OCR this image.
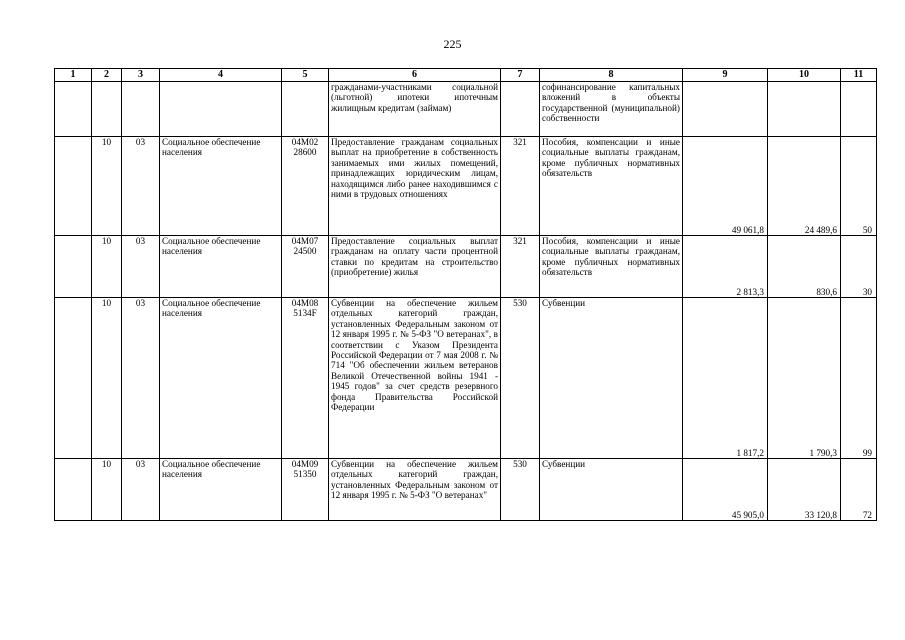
225
1	2	3	4	5	6	7	8	9	10	11
					гражданами-участниками социальной (льготной) ипотеки ипотечным жилищным кредитам (займам)		софинансирование капитальных вложений в объекты государственной (муниципальной) собственности			
	10	03	Социальное обеспечение населения	04М02 28600	Предоставление гражданам социальных выплат на приобретение в собственность занимаемых ими жилых помещений, принадлежащих юридическим лицам, находящимся либо ранее находившимся с ними в трудовых отношениях	321	Пособия, компенсации и иные социальные выплаты гражданам, кроме публичных нормативных обязательств	49 061,8	24 489,6	50
	10	03	Социальное обеспечение населения	04М07 24500	Предоставление социальных выплат гражданам на оплату части процентной ставки по кредитам на строительство (приобретение) жилья	321	Пособия, компенсации и иные социальные выплаты гражданам, кроме публичных нормативных обязательств	2 813,3	830,6	30
	10	03	Социальное обеспечение населения	04М08 5134F	Субвенции на обеспечение жильем отдельных категорий граждан, установленных Федеральным законом от 12 января 1995 г. № 5-ФЗ "О ветеранах", в соответствии с Указом Президента Российской Федерации от 7 мая 2008 г. № 714 "Об обеспечении жильем ветеранов Великой Отечественной войны 1941 - 1945 годов" за счет средств резервного фонда Правительства Российской Федерации	530	Субвенции	1 817,2	1 790,3	99
	10	03	Социальное обеспечение населения	04М09 51350	Субвенции на обеспечение жильем отдельных категорий граждан, установленных Федеральным законом от 12 января 1995 г. № 5-ФЗ "О ветеранах"	530	Субвенции	45 905,0	33 120,8	72
